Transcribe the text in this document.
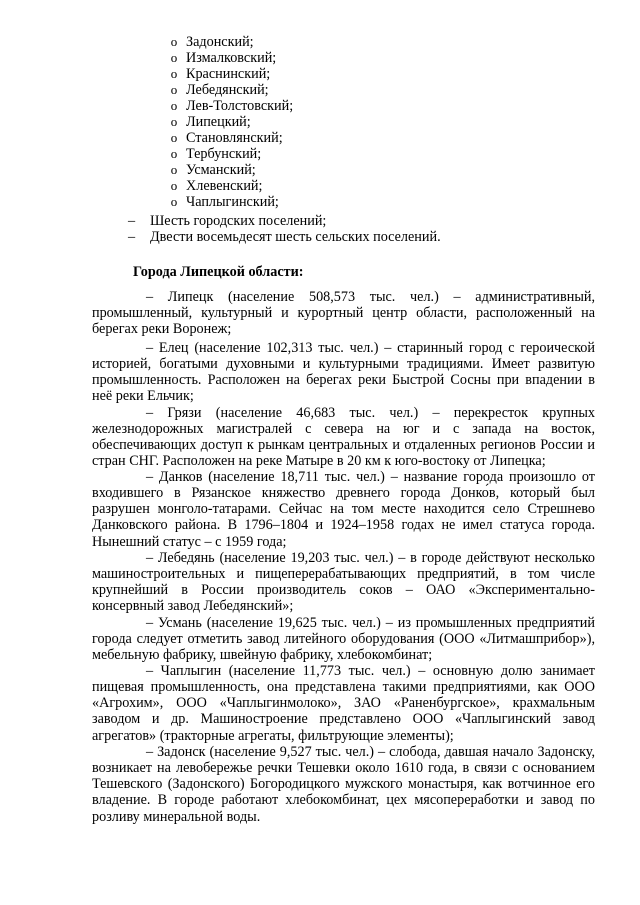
o Задонский;
o Измалковский;
o Краснинский;
o Лебедянский;
o Лев-Толстовский;
o Липецкий;
o Становлянский;
o Тербунский;
o Усманский;
o Хлевенский;
o Чаплыгинский;
– Шесть городских поселений;
– Двести восемьдесят шесть сельских поселений.
Города Липецкой области:

– Липецк (население 508,573 тыс. чел.) – административный, промышленный, культурный и курортный центр области, расположенный на берегах реки Воронеж;

– Елец (население 102,313 тыс. чел.) – старинный город с героической историей, богатыми духовными и культурными традициями. Имеет развитую промышленность. Расположен на берегах реки Быстрой Сосны при впадении в неё реки Ельчик;

– Грязи (население 46,683 тыс. чел.) – перекресток крупных железнодорожных магистралей с севера на юг и с запада на восток, обеспечивающих доступ к рынкам центральных и отдаленных регионов России и стран СНГ. Расположен на реке Матыре в 20 км к юго-востоку от Липецка;

– Данков (население 18,711 тыс. чел.) – название города произошло от входившего в Рязанское княжество древнего города Донко́в, который был разрушен монголо-татарами. Сейчас на том месте находится село Стрешнево Данковского района. В 1796–1804 и 1924–1958 годах не имел статуса города. Нынешний статус – с 1959 года;

– Лебедянь (население 19,203 тыс. чел.) – в городе действуют несколько машиностроительных и пищеперерабатывающих предприятий, в том числе крупнейший в России производитель соков – ОАО «Экспериментально-консервный завод Лебедянский»;

– Усмань (население 19,625 тыс. чел.) – из промышленных предприятий города следует отметить завод литейного оборудования (ООО «Литмашприбор»), мебельную фабрику, швейную фабрику, хлебокомбинат;

– Чаплыгин (население 11,773 тыс. чел.) – основную долю занимает пищевая промышленность, она представлена такими предприятиями, как ООО «Агрохим», ООО «Чаплыгинмолоко», ЗАО «Раненбургское», крахмальным заводом и др. Машиностроение представлено ООО «Чаплыгинский завод агрегатов» (тракторные агрегаты, фильтрующие элементы);

– Задонск (население 9,527 тыс. чел.) – слобода, давшая начало Задонску, возникает на левобережье речки Тешевки около 1610 года, в связи с основанием Тешевского (Задонского) Богородицкого мужского монастыря, как вотчинное его владение. В городе работают хлебокомбинат, цех мясопереработки и завод по розливу минеральной воды.
